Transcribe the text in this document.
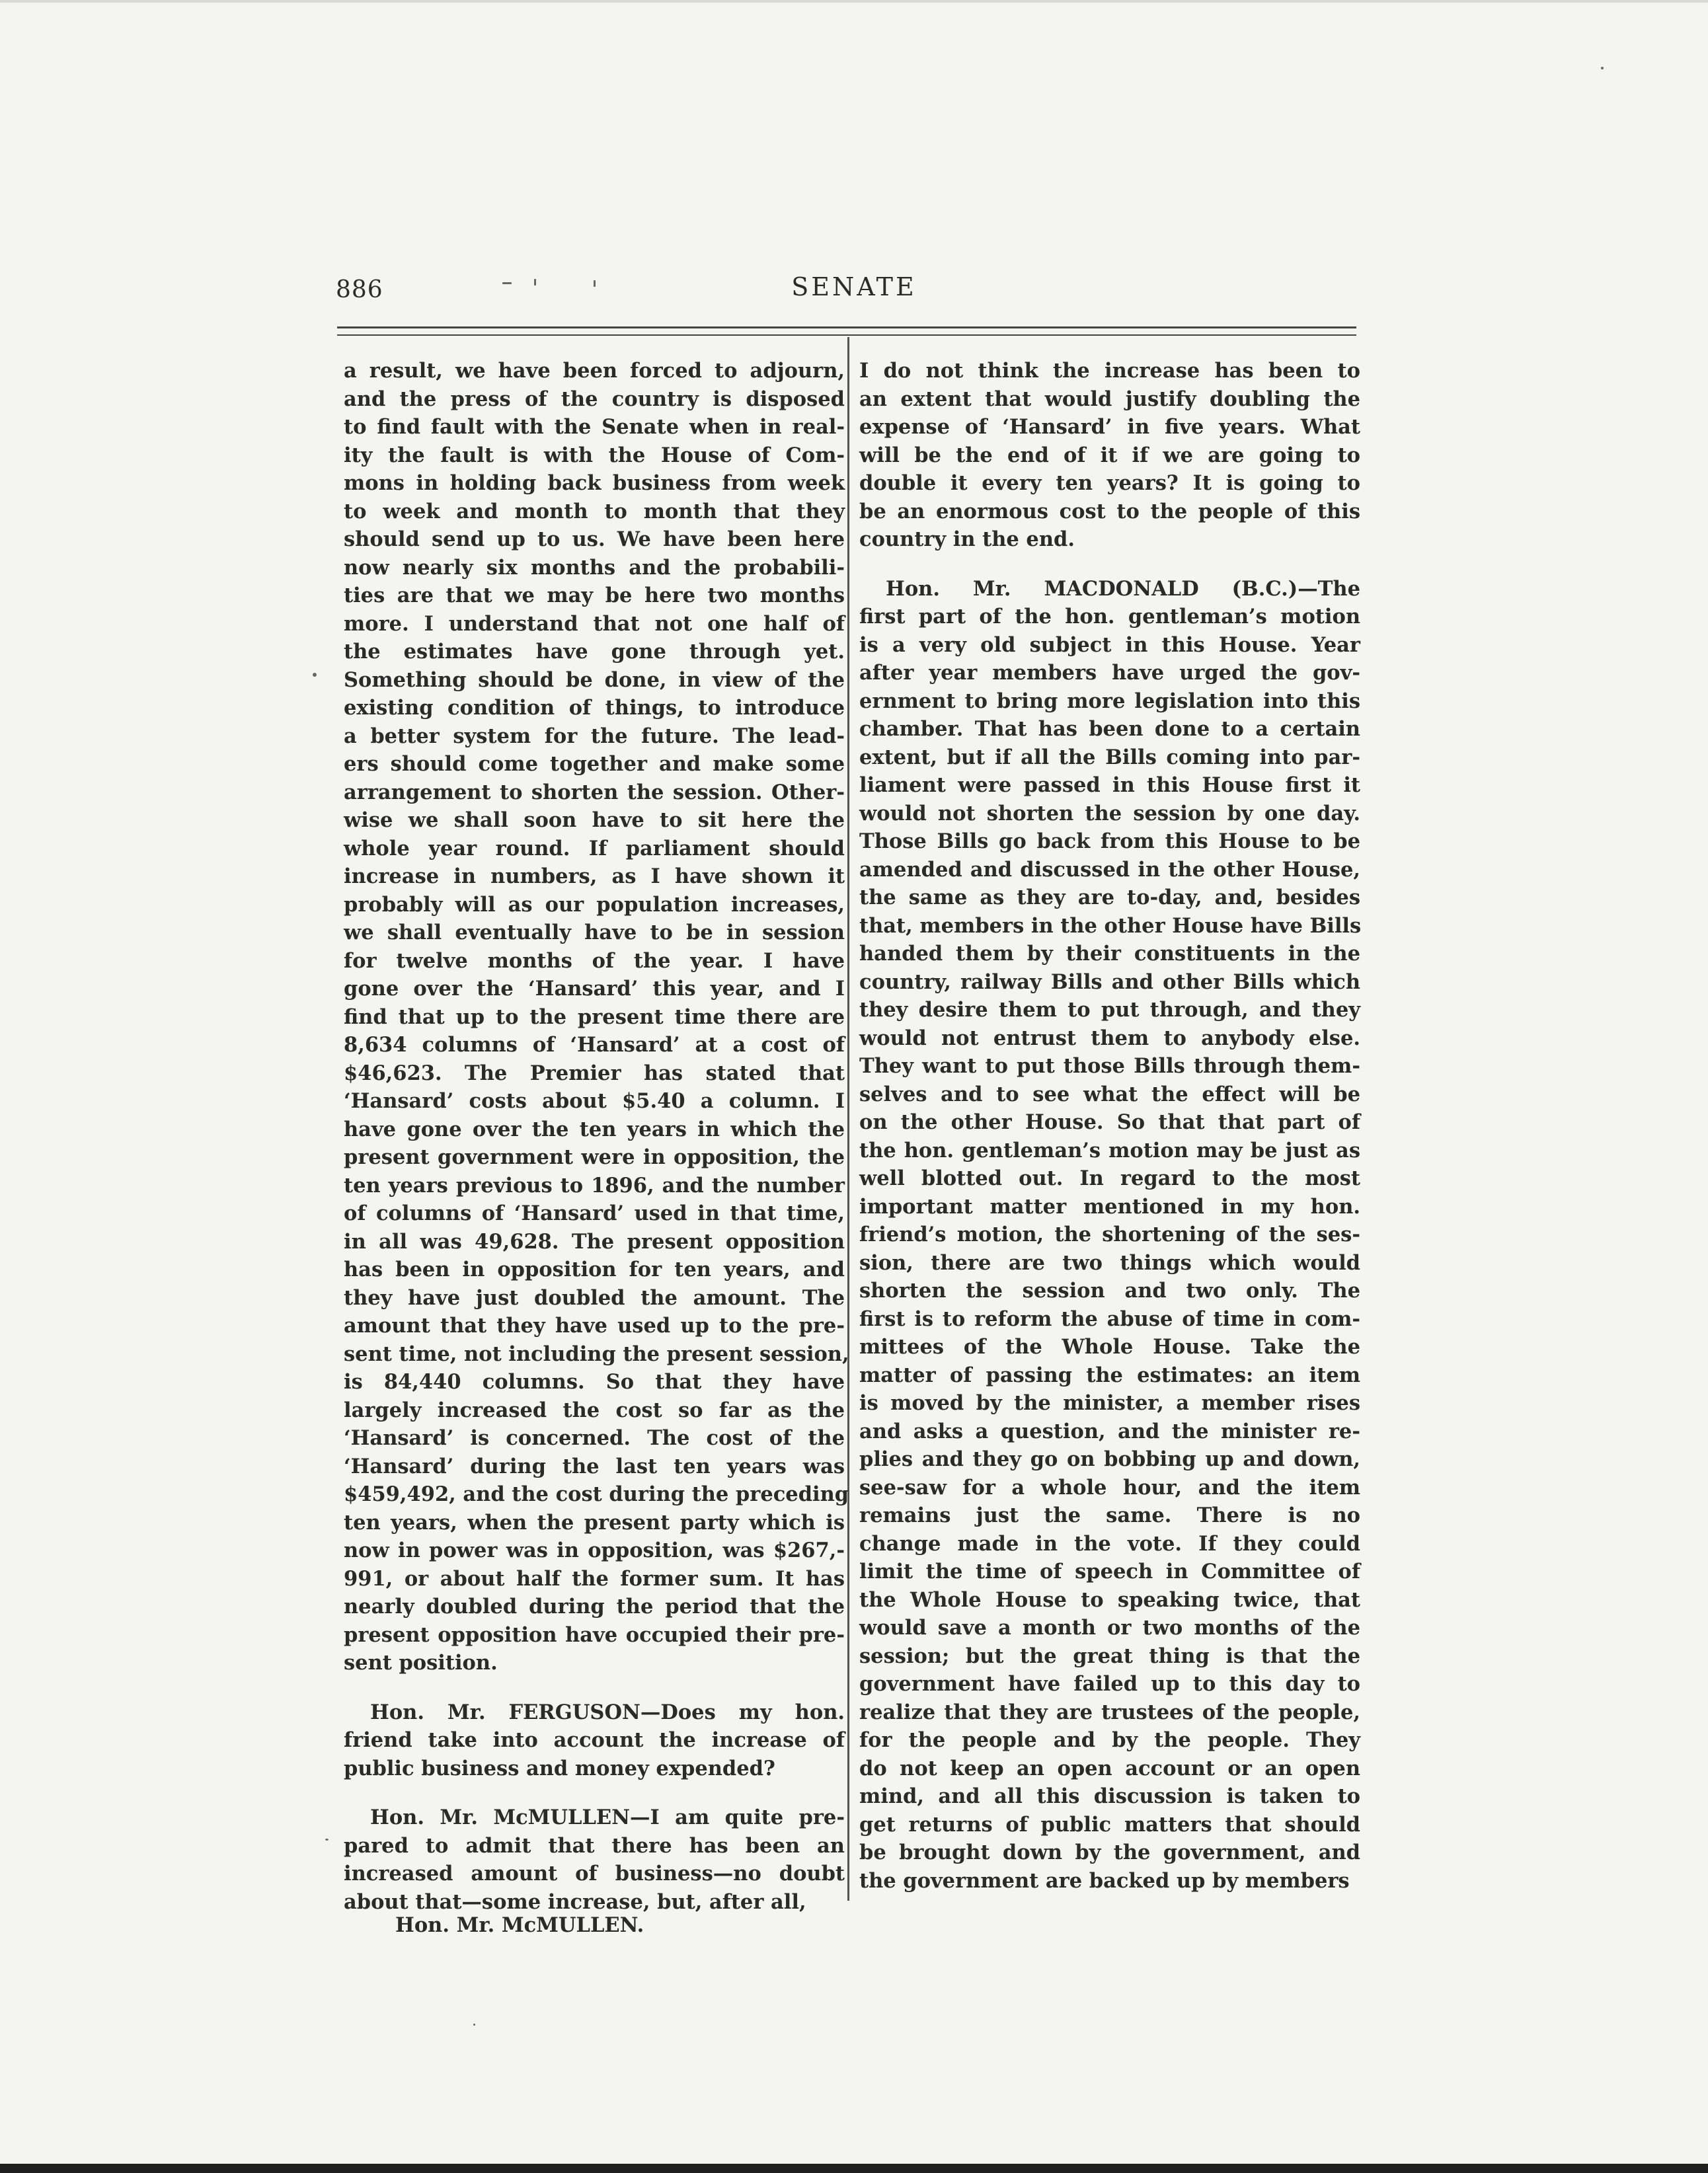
886	SENATE
a result, we have been forced to adjourn,
and the press of the country is disposed
to find fault with the Senate when in real-
ity the fault is with the House of Com-
mons in holding back business from week
to week and month to month that they
should send up to us. We have been here
now nearly six months and the probabili-
ties are that we may be here two months
more. I understand that not one half of
the estimates have gone through yet.
Something should be done, in view of the
existing condition of things, to introduce
a better system for the future. The lead-
ers should come together and make some
arrangement to shorten the session. Other-
wise we shall soon have to sit here the
whole year round. If parliament should
increase in numbers, as I have shown it
probably will as our population increases,
we shall eventually have to be in session
for twelve months of the year. I have
gone over the ‘Hansard’ this year, and I
find that up to the present time there are
8,634 columns of ‘Hansard’ at a cost of
$46,623. The Premier has stated that
‘Hansard’ costs about $5.40 a column. I
have gone over the ten years in which the
present government were in opposition, the
ten years previous to 1896, and the number
of columns of ‘Hansard’ used in that time,
in all was 49,628. The present opposition
has been in opposition for ten years, and
they have just doubled the amount. The
amount that they have used up to the pre-
sent time, not including the present session,
is 84,440 columns. So that they have
largely increased the cost so far as the
‘Hansard’ is concerned. The cost of the
‘Hansard’ during the last ten years was
$459,492, and the cost during the preceding
ten years, when the present party which is
now in power was in opposition, was $267,-
991, or about half the former sum. It has
nearly doubled during the period that the
present opposition have occupied their pre-
sent position.
Hon. Mr. FERGUSON—Does my hon.
friend take into account the increase of
public business and money expended?
Hon. Mr. McMULLEN—I am quite pre-
pared to admit that there has been an
increased amount of business—no doubt
about that—some increase, but, after all,
I do not think the increase has been to
an extent that would justify doubling the
expense of ‘Hansard’ in five years. What
will be the end of it if we are going to
double it every ten years? It is going to
be an enormous cost to the people of this
country in the end.
Hon. Mr. MACDONALD (B.C.)—The
first part of the hon. gentleman’s motion
is a very old subject in this House. Year
after year members have urged the gov-
ernment to bring more legislation into this
chamber. That has been done to a certain
extent, but if all the Bills coming into par-
liament were passed in this House first it
would not shorten the session by one day.
Those Bills go back from this House to be
amended and discussed in the other House,
the same as they are to-day, and, besides
that, members in the other House have Bills
handed them by their constituents in the
country, railway Bills and other Bills which
they desire them to put through, and they
would not entrust them to anybody else.
They want to put those Bills through them-
selves and to see what the effect will be
on the other House. So that that part of
the hon. gentleman’s motion may be just as
well blotted out. In regard to the most
important matter mentioned in my hon.
friend’s motion, the shortening of the ses-
sion, there are two things which would
shorten the session and two only. The
first is to reform the abuse of time in com-
mittees of the Whole House. Take the
matter of passing the estimates: an item
is moved by the minister, a member rises
and asks a question, and the minister re-
plies and they go on bobbing up and down,
see-saw for a whole hour, and the item
remains just the same. There is no
change made in the vote. If they could
limit the time of speech in Committee of
the Whole House to speaking twice, that
would save a month or two months of the
session; but the great thing is that the
government have failed up to this day to
realize that they are trustees of the people,
for the people and by the people. They
do not keep an open account or an open
mind, and all this discussion is taken to
get returns of public matters that should
be brought down by the government, and
the government are backed up by members
Hon. Mr. McMULLEN.
